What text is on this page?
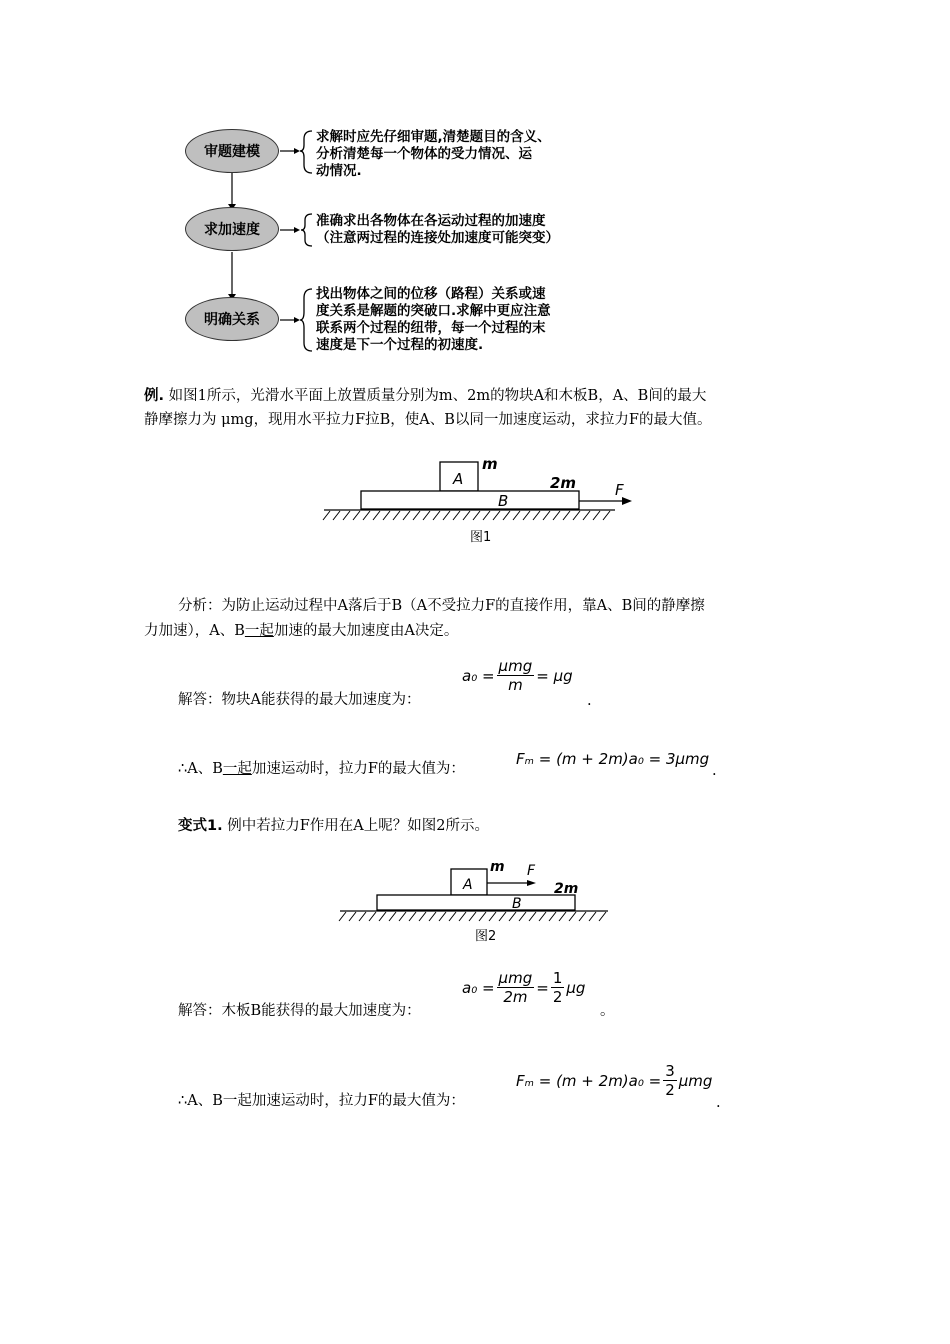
审题建模
求加速度
明确关系
求解时应先仔细审题,清楚题目的含义、
分析清楚每一个物体的受力情况、运
动情况.
准确求出各物体在各运动过程的加速度
（注意两过程的连接处加速度可能突变）
找出物体之间的位移（路程）关系或速
度关系是解题的突破口.求解中更应注意
联系两个过程的纽带，每一个过程的末
速度是下一个过程的初速度.
例. 如图1所示，光滑水平面上放置质量分别为m、2m的物块A和木板B，A、B间的最大
静摩擦力为 μmg，现用水平拉力F拉B，使A、B以同一加速度运动，求拉力F的最大值。
A
B
m
2m	F
图1
分析：为防止运动过程中A落后于B（A不受拉力F的直接作用，靠A、B间的静摩擦
力加速），A、B一起加速的最大加速度由A决定。
解答：物块A能获得的最大加速度为：
$a_0 = \frac{\text{μmg}}{m} = \mu g$
.
∴A、B一起加速运动时，拉力F的最大值为：
Fₘ = (m + 2m)a₀ = 3μmg
.
变式1. 例中若拉力F作用在A上呢？如图2所示。
A
B
m
2m
F
图2
解答：木板B能获得的最大加速度为：
$a_0 = \frac{\text{μmg}}{2m} = \frac{1}{2}$ μg
。
∴A、B一起加速运动时，拉力F的最大值为：
$F_m = (m + 2m)a_0 = \frac{3}{2}$ μmg
.
